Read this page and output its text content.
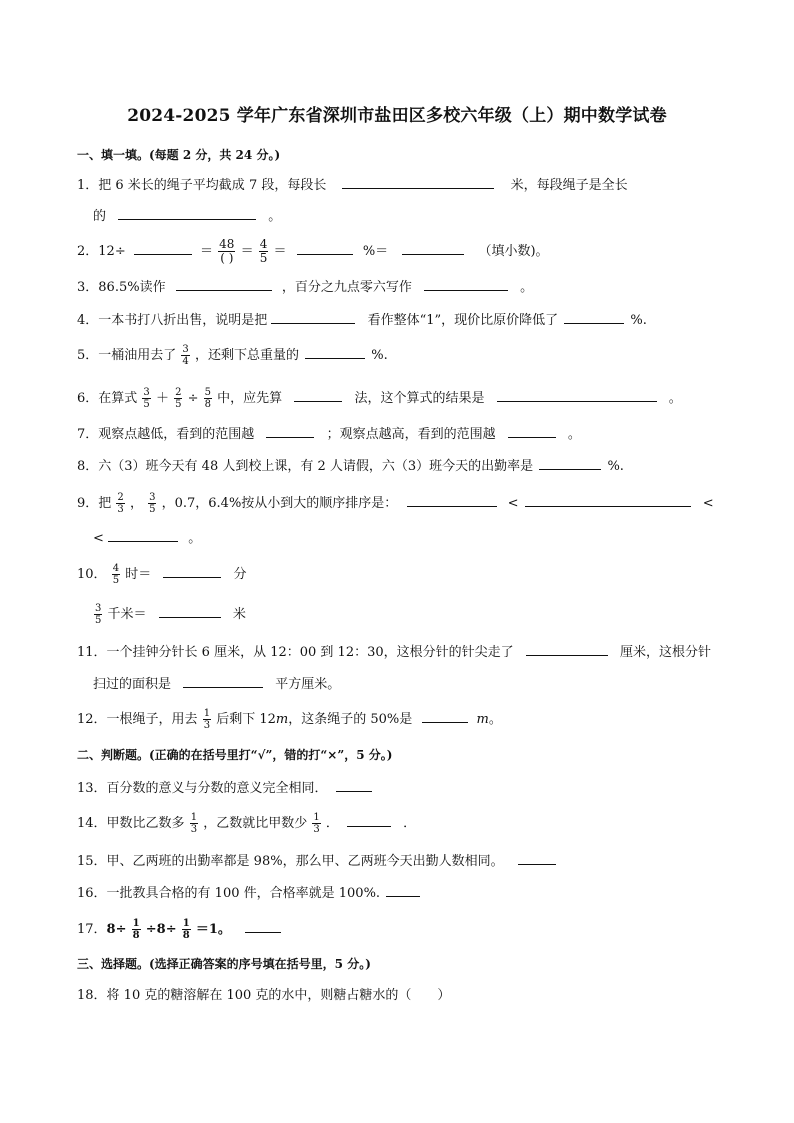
2024-2025 学年广东省深圳市盐田区多校六年级（上）期中数学试卷
一、填一填。(每题 2 分，共 24 分。)
1．把 6 米长的绳子平均截成 7 段，每段长	米，每段绳子是全长
的	。
2．12÷	＝ $\frac{48}{( )} = \frac{4}{5}$ ＝	%＝	（填小数)。
3．86.5%读作	，百分之九点零六写作	。
4．一本书打八折出售，说明是把	看作整体“1”，现价比原价降低了	%.
5．一桶油用去了 $\frac{3}{4}$ ，还剩下总重量的	%.
6．在算式 $\frac{3}{5} + \frac{2}{5} \div \frac{5}{8}$ 中，应先算	法，这个算式的结果是	。
7．观察点越低，看到的范围越	；观察点越高，看到的范围越	。
8．六（3）班今天有 48 人到校上课，有 2 人请假，六（3）班今天的出勤率是	%.
9．把 $\frac{2}{3}$ ， $\frac{3}{5}$ ，0.7，6.4%按从小到大的顺序排序是：	<	<
<	。
10． $\frac{4}{5}$ 时＝	分
$\frac{3}{5}$ 千米＝	米
11．一个挂钟分针长 6 厘米，从 12：00 到 12：30，这根分针的针尖走了	厘米，这根分针
扫过的面积是	平方厘米。
12．一根绳子，用去 $\frac{1}{3}$ 后剩下 12m，这条绳子的 50%是	m。
二、判断题。(正确的在括号里打“√”，错的打“×”，5 分。)
13．百分数的意义与分数的意义完全相同．
14．甲数比乙数多 $\frac{1}{3}$ ，乙数就比甲数少 $\frac{1}{3}$ ．	．
15．甲、乙两班的出勤率都是 98%，那么甲、乙两班今天出勤人数相同。
16．一批教具合格的有 100 件，合格率就是 100%.
17．$8\div \frac{1}{8} \div 8\div \frac{1}{8} =1$。
三、选择题。(选择正确答案的序号填在括号里，5 分。)
18．将 10 克的糖溶解在 100 克的水中，则糖占糖水的（　　）
